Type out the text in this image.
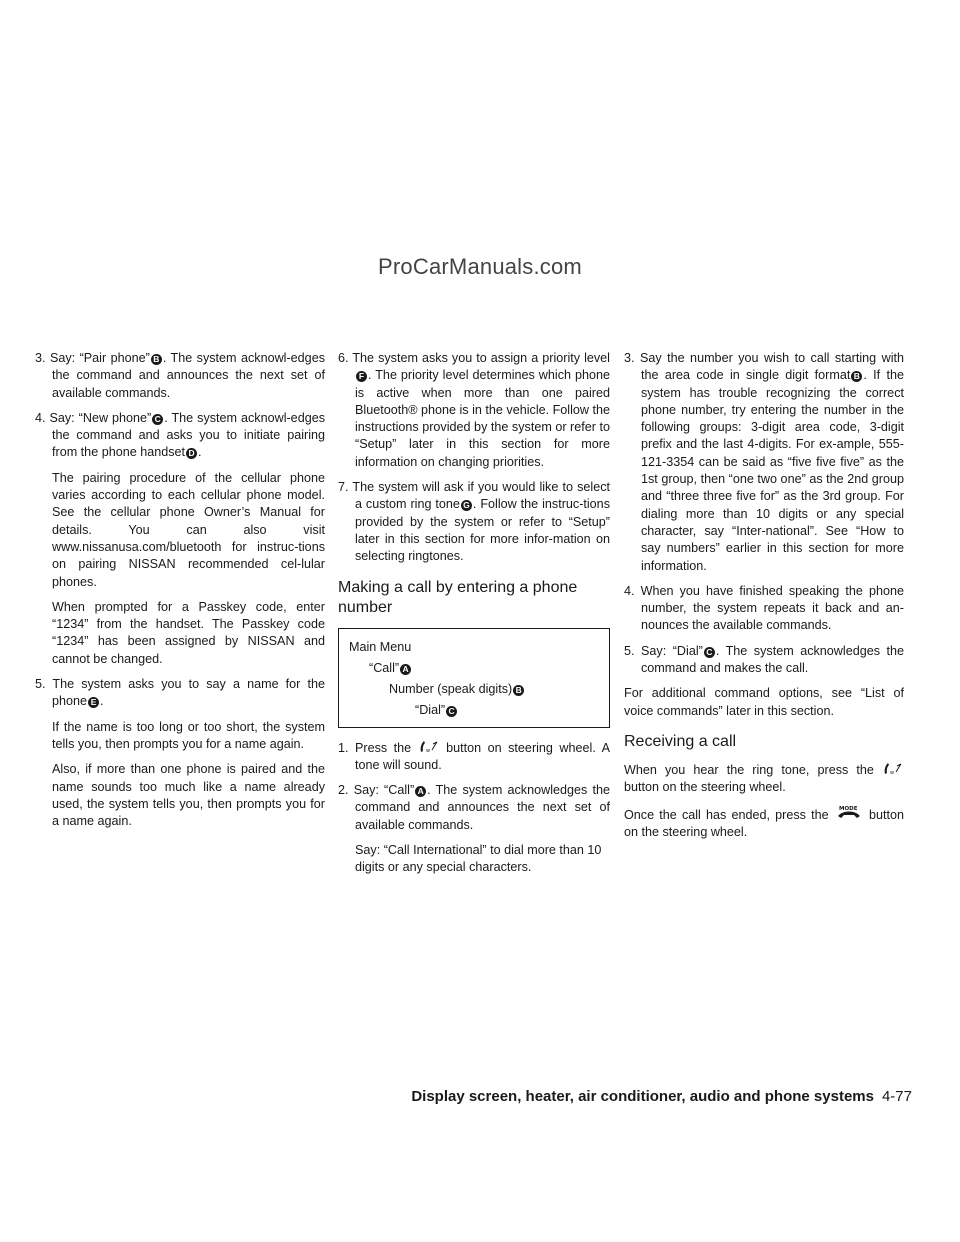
ProCarManuals.com

3. Say: “Pair phone” B . The system acknowl-edges the command and announces the next set of available commands.

4. Say: “New phone” C . The system acknowl-edges the command and asks you to initiate pairing from the phone handset D .

The pairing procedure of the cellular phone varies according to each cellular phone model. See the cellular phone Owner’s Manual for details. You can also visit www.nissanusa.com/bluetooth for instruc-tions on pairing NISSAN recommended cel-lular phones.

When prompted for a Passkey code, enter “1234” from the handset. The Passkey code “1234” has been assigned by NISSAN and cannot be changed.

5. The system asks you to say a name for the phone E .

If the name is too long or too short, the system tells you, then prompts you for a name again.

Also, if more than one phone is paired and the name sounds too much like a name already used, the system tells you, then prompts you for a name again.

6. The system asks you to assign a priority levelF . The priority level determines which phone is active when more than one paired Bluetooth® phone is in the vehicle. Follow the instructions provided by the system or refer to “Setup” later in this section for more information on changing priorities.

7. The system will ask if you would like to select a custom ring tone G . Follow the instruc-tions provided by the system or refer to “Setup” later in this section for more infor-mation on selecting ringtones.

Making a call by entering a phone number
Main Menu
“Call” A
Number (speak digits) B
“Dial” C

1. Press the	w button on steering wheel. A tone will sound.

2. Say: “Call” A . The system acknowledges the command and announces the next set of available commands.

Say: “Call International” to dial more than 10 digits or any special characters.

3. Say the number you wish to call starting with the area code in single digit format B . If the system has trouble recognizing the correct phone number, try entering the number in the following groups: 3-digit area code, 3-digit prefix and the last 4-digits. For ex-ample, 555-121-3354 can be said as “five five five” as the 1st group, then “one two one” as the 2nd group and “three three five for” as the 3rd group. For dialing more than 10 digits or any special character, say “Inter-national”. See “How to say numbers” earlier in this section for more information.

4. When you have finished speaking the phone number, the system repeats it back and an-nounces the available commands.

5. Say: “Dial” C . The system acknowledges the command and makes the call.

For additional command options, see “List of voice commands” later in this section.

Receiving a call

When you hear the ring tone, press the	w
button on the steering wheel.

Once the call has ended, press the MODE button on the steering wheel.

Display screen, heater, air conditioner, audio and phone systems 4-77
